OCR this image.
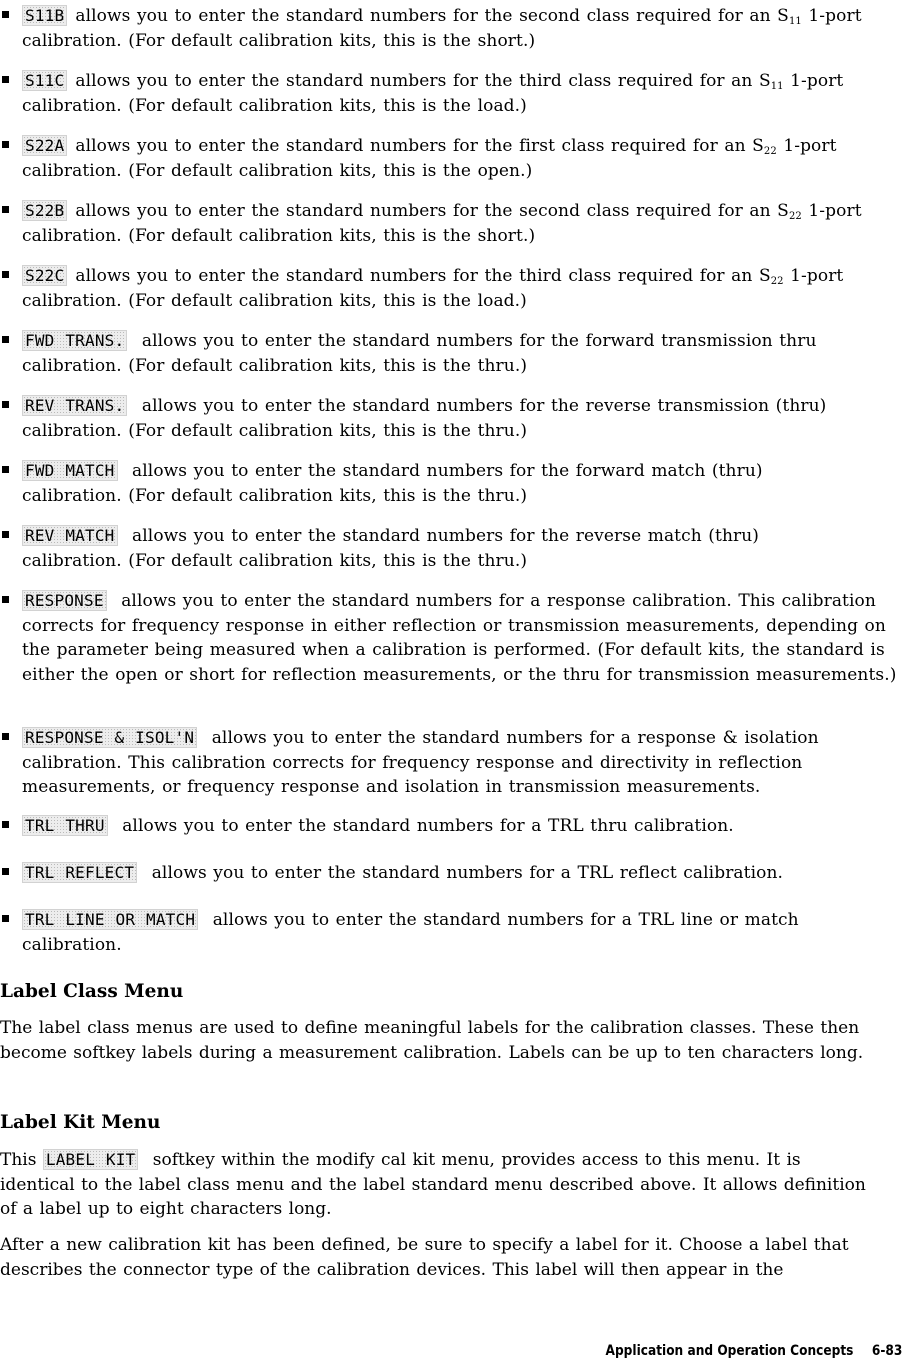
S11B allows you to enter the standard numbers for the second class required for an $S_{11}$ 1-port calibration. (For default calibration kits, this is the short.)
S11C allows you to enter the standard numbers for the third class required for an $S_{11}$ 1-port calibration. (For default calibration kits, this is the load.)
S22A allows you to enter the standard numbers for the first class required for an $S_{22}$ 1-port calibration. (For default calibration kits, this is the open.)
S22B allows you to enter the standard numbers for the second class required for an $S_{22}$ 1-port calibration. (For default calibration kits, this is the short.)
S22C allows you to enter the standard numbers for the third class required for an $S_{22}$ 1-port calibration. (For default calibration kits, this is the load.)
FWD TRANS. allows you to enter the standard numbers for the forward transmission thru calibration. (For default calibration kits, this is the thru.)
REV TRANS. allows you to enter the standard numbers for the reverse transmission (thru) calibration. (For default calibration kits, this is the thru.)
FWD MATCH allows you to enter the standard numbers for the forward match (thru) calibration. (For default calibration kits, this is the thru.)
REV MATCH allows you to enter the standard numbers for the reverse match (thru) calibration. (For default calibration kits, this is the thru.)
RESPONSE allows you to enter the standard numbers for a response calibration. This calibration corrects for frequency response in either reflection or transmission measurements, depending on the parameter being measured when a calibration is performed. (For default kits, the standard is either the open or short for reflection measurements, or the thru for transmission measurements.)
RESPONSE & ISOL'N allows you to enter the standard numbers for a response & isolation calibration. This calibration corrects for frequency response and directivity in reflection measurements, or frequency response and isolation in transmission measurements.
TRL THRU allows you to enter the standard numbers for a TRL thru calibration.
TRL REFLECT allows you to enter the standard numbers for a TRL reflect calibration.
TRL LINE OR MATCH allows you to enter the standard numbers for a TRL line or match calibration.
Label Class Menu
The label class menus are used to define meaningful labels for the calibration classes. These then become softkey labels during a measurement calibration. Labels can be up to ten characters long.
Label Kit Menu
This LABEL KIT softkey within the modify cal kit menu, provides access to this menu. It is identical to the label class menu and the label standard menu described above. It allows definition of a label up to eight characters long.
After a new calibration kit has been defined, be sure to specify a label for it. Choose a label that describes the connector type of the calibration devices. This label will then appear in the
Application and Operation Concepts 6-83
